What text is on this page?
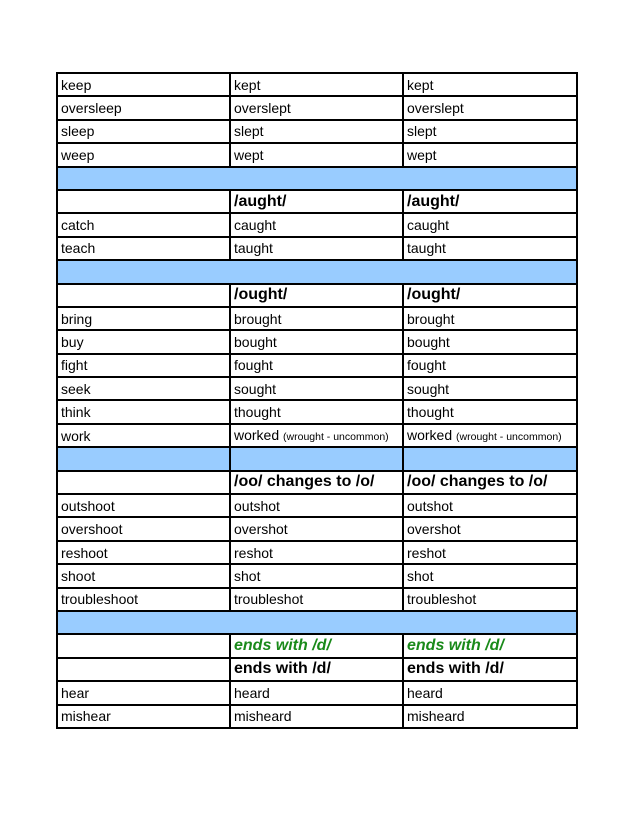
keep	kept	kept
oversleep	overslept	overslept
sleep	slept	slept
weep	wept	wept

	/aught/	/aught/
catch	caught	caught
teach	taught	taught

	/ought/	/ought/
bring	brought	brought
buy	bought	bought
fight	fought	fought
seek	sought	sought
think	thought	thought
work	worked (wrought - uncommon)	worked (wrought - uncommon)

	/oo/ changes to /o/	/oo/ changes to /o/
outshoot	outshot	outshot
overshoot	overshot	overshot
reshoot	reshot	reshot
shoot	shot	shot
troubleshoot	troubleshot	troubleshot

	ends with /d/	ends with /d/
	ends with /d/	ends with /d/
hear	heard	heard
mishear	misheard	misheard
